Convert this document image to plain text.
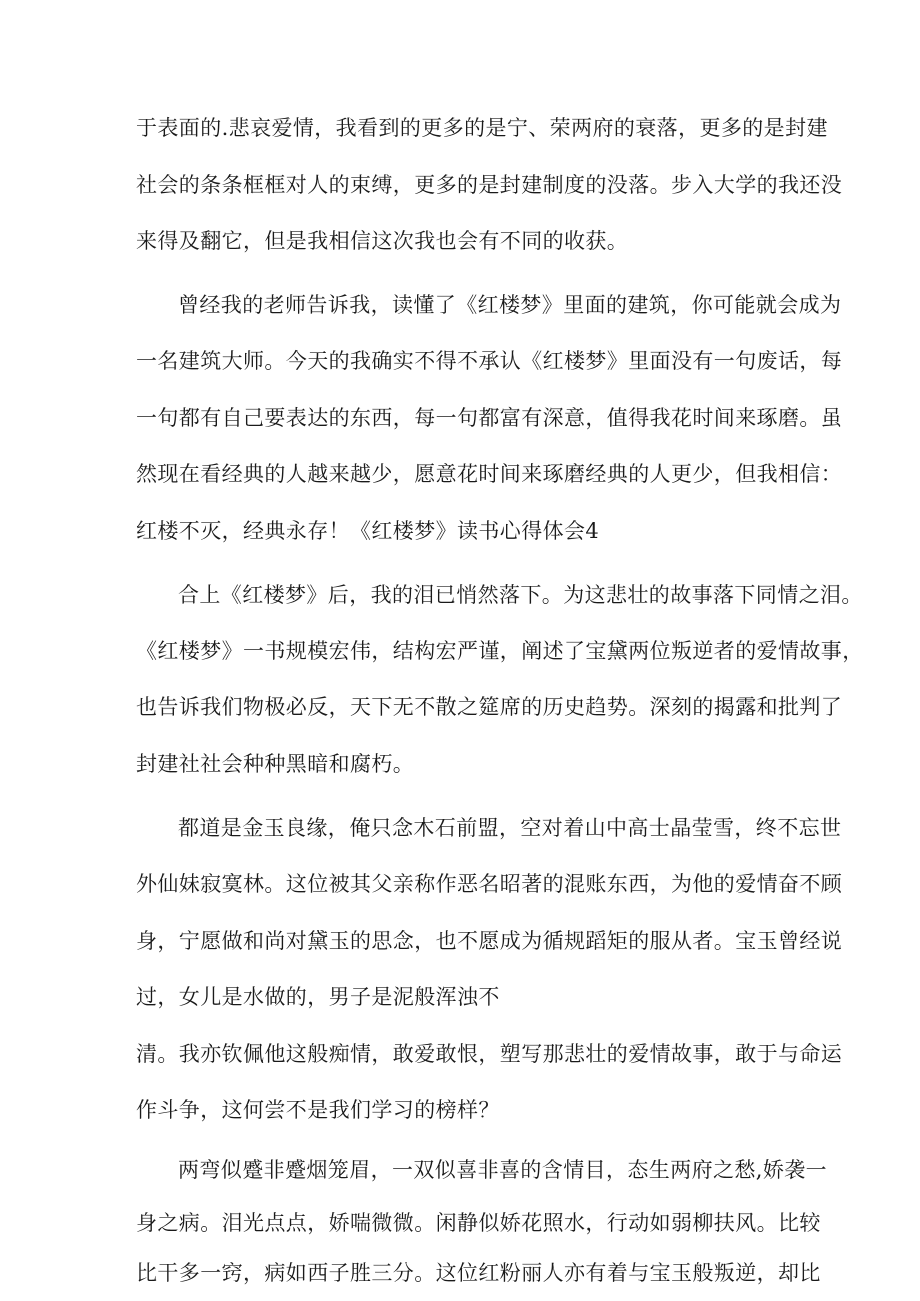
于表面的.悲哀爱情，我看到的更多的是宁、荣两府的衰落，更多的是封建
社会的条条框框对人的束缚，更多的是封建制度的没落。步入大学的我还没
来得及翻它，但是我相信这次我也会有不同的收获。
曾经我的老师告诉我，读懂了《红楼梦》里面的建筑，你可能就会成为
一名建筑大师。今天的我确实不得不承认《红楼梦》里面没有一句废话，每
一句都有自己要表达的东西，每一句都富有深意，值得我花时间来琢磨。虽
然现在看经典的人越来越少，愿意花时间来琢磨经典的人更少，但我相信：
红楼不灭，经典永存！《红楼梦》读书心得体会4
合上《红楼梦》后，我的泪已悄然落下。为这悲壮的故事落下同情之泪。
《红楼梦》一书规模宏伟，结构宏严谨，阐述了宝黛两位叛逆者的爱情故事，
也告诉我们物极必反，天下无不散之筵席的历史趋势。深刻的揭露和批判了
封建社社会种种黑暗和腐朽。
都道是金玉良缘，俺只念木石前盟，空对着山中高士晶莹雪，终不忘世
外仙妹寂寞林。这位被其父亲称作恶名昭著的混账东西，为他的爱情奋不顾
身，宁愿做和尚对黛玉的思念，也不愿成为循规蹈矩的服从者。宝玉曾经说
过，女儿是水做的，男子是泥般浑浊不
清。我亦钦佩他这般痴情，敢爱敢恨，塑写那悲壮的爱情故事，敢于与命运
作斗争，这何尝不是我们学习的榜样？
两弯似蹙非蹙烟笼眉，一双似喜非喜的含情目，态生两府之愁,娇袭一
身之病。泪光点点，娇喘微微。闲静似娇花照水，行动如弱柳扶风。比较
比干多一窍，病如西子胜三分。这位红粉丽人亦有着与宝玉般叛逆，却比
